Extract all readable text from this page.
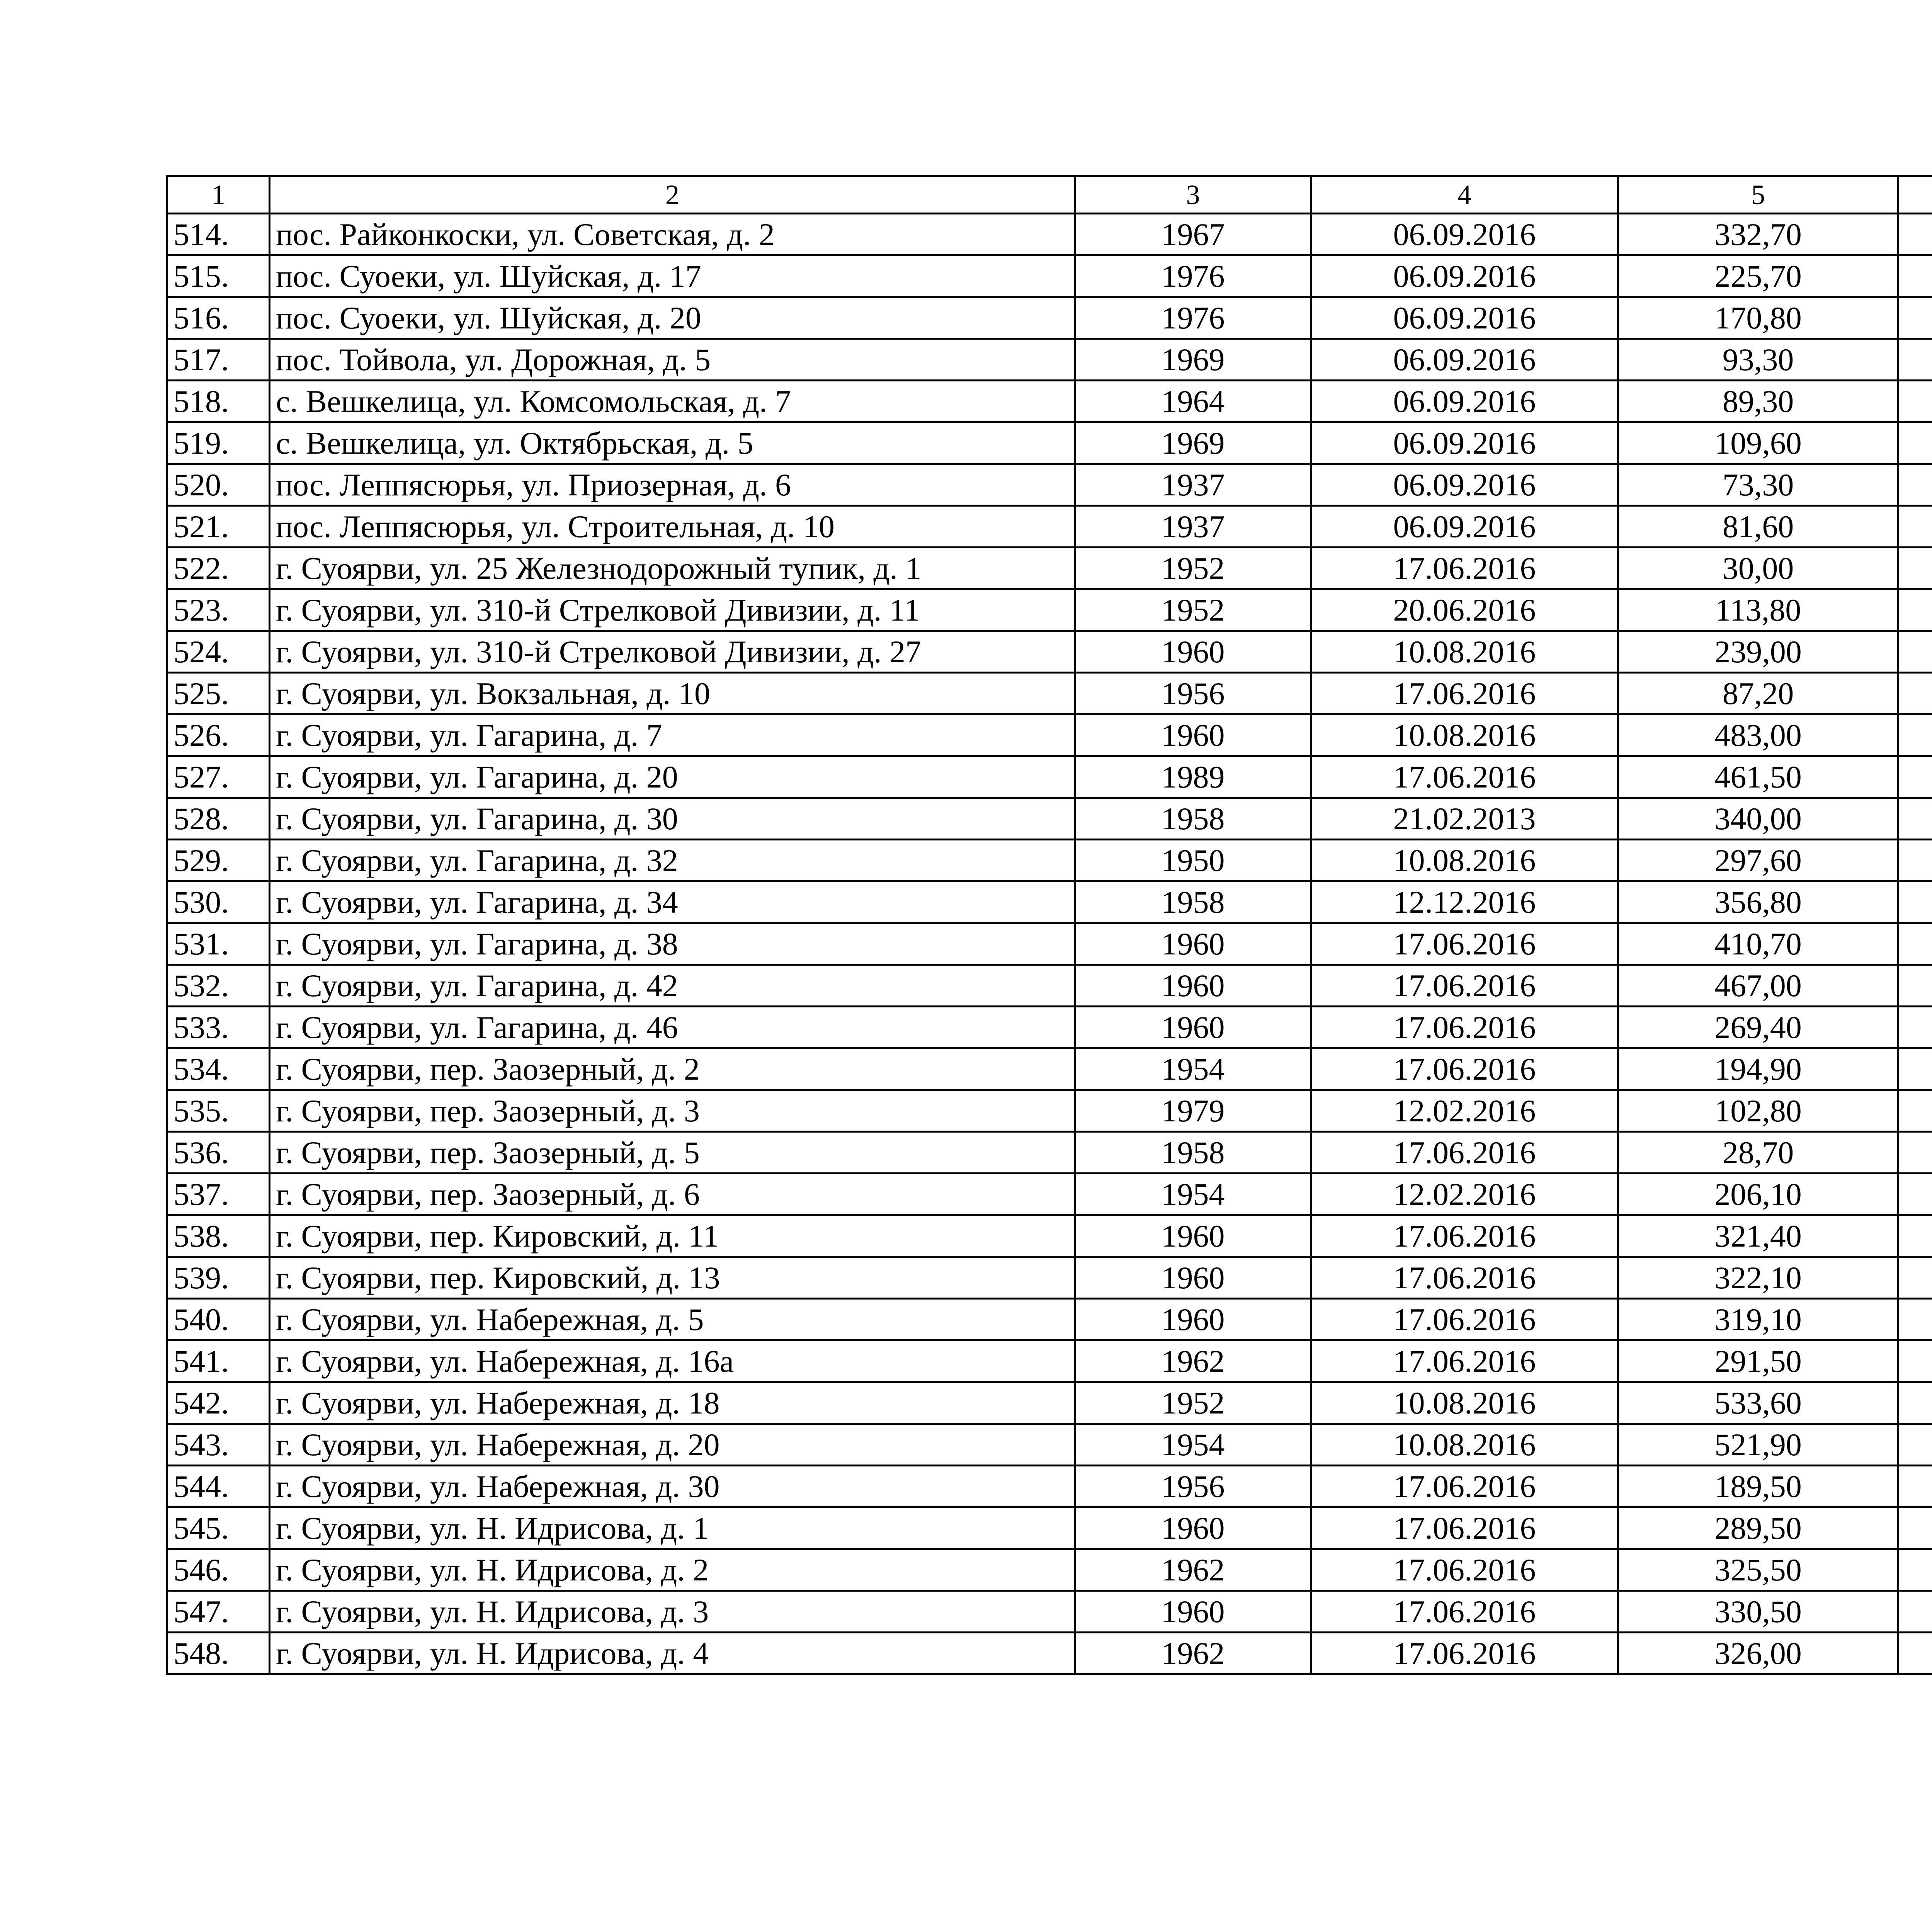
1	2	3	4	5		
514.	пос. Райконкоски, ул. Советская, д. 2	1967	06.09.2016	332,70		
515.	пос. Суоеки, ул. Шуйская, д. 17	1976	06.09.2016	225,70		
516.	пос. Суоеки, ул. Шуйская, д. 20	1976	06.09.2016	170,80		
517.	пос. Тойвола, ул. Дорожная, д. 5	1969	06.09.2016	93,30		
518.	с. Вешкелица, ул. Комсомольская, д. 7	1964	06.09.2016	89,30		
519.	с. Вешкелица, ул. Октябрьская, д. 5	1969	06.09.2016	109,60		
520.	пос. Леппясюрья, ул. Приозерная, д. 6	1937	06.09.2016	73,30		
521.	пос. Леппясюрья, ул. Строительная, д. 10	1937	06.09.2016	81,60		
522.	г. Суоярви, ул. 25 Железнодорожный тупик, д. 1	1952	17.06.2016	30,00		
523.	г. Суоярви, ул. 310-й Стрелковой Дивизии, д. 11	1952	20.06.2016	113,80		
524.	г. Суоярви, ул. 310-й Стрелковой Дивизии, д. 27	1960	10.08.2016	239,00		
525.	г. Суоярви, ул. Вокзальная, д. 10	1956	17.06.2016	87,20		
526.	г. Суоярви, ул. Гагарина, д. 7	1960	10.08.2016	483,00		
527.	г. Суоярви, ул. Гагарина, д. 20	1989	17.06.2016	461,50		
528.	г. Суоярви, ул. Гагарина, д. 30	1958	21.02.2013	340,00		
529.	г. Суоярви, ул. Гагарина, д. 32	1950	10.08.2016	297,60		
530.	г. Суоярви, ул. Гагарина, д. 34	1958	12.12.2016	356,80		
531.	г. Суоярви, ул. Гагарина, д. 38	1960	17.06.2016	410,70		
532.	г. Суоярви, ул. Гагарина, д. 42	1960	17.06.2016	467,00		
533.	г. Суоярви, ул. Гагарина, д. 46	1960	17.06.2016	269,40		
534.	г. Суоярви, пер. Заозерный, д. 2	1954	17.06.2016	194,90		
535.	г. Суоярви, пер. Заозерный, д. 3	1979	12.02.2016	102,80		
536.	г. Суоярви, пер. Заозерный, д. 5	1958	17.06.2016	28,70		
537.	г. Суоярви, пер. Заозерный, д. 6	1954	12.02.2016	206,10		
538.	г. Суоярви, пер. Кировский, д. 11	1960	17.06.2016	321,40		
539.	г. Суоярви, пер. Кировский, д. 13	1960	17.06.2016	322,10		
540.	г. Суоярви, ул. Набережная, д. 5	1960	17.06.2016	319,10		
541.	г. Суоярви, ул. Набережная, д. 16а	1962	17.06.2016	291,50		
542.	г. Суоярви, ул. Набережная, д. 18	1952	10.08.2016	533,60		
543.	г. Суоярви, ул. Набережная, д. 20	1954	10.08.2016	521,90		
544.	г. Суоярви, ул. Набережная, д. 30	1956	17.06.2016	189,50		
545.	г. Суоярви, ул. Н. Идрисова, д. 1	1960	17.06.2016	289,50		
546.	г. Суоярви, ул. Н. Идрисова, д. 2	1962	17.06.2016	325,50		
547.	г. Суоярви, ул. Н. Идрисова, д. 3	1960	17.06.2016	330,50		
548.	г. Суоярви, ул. Н. Идрисова, д. 4	1962	17.06.2016	326,00		
